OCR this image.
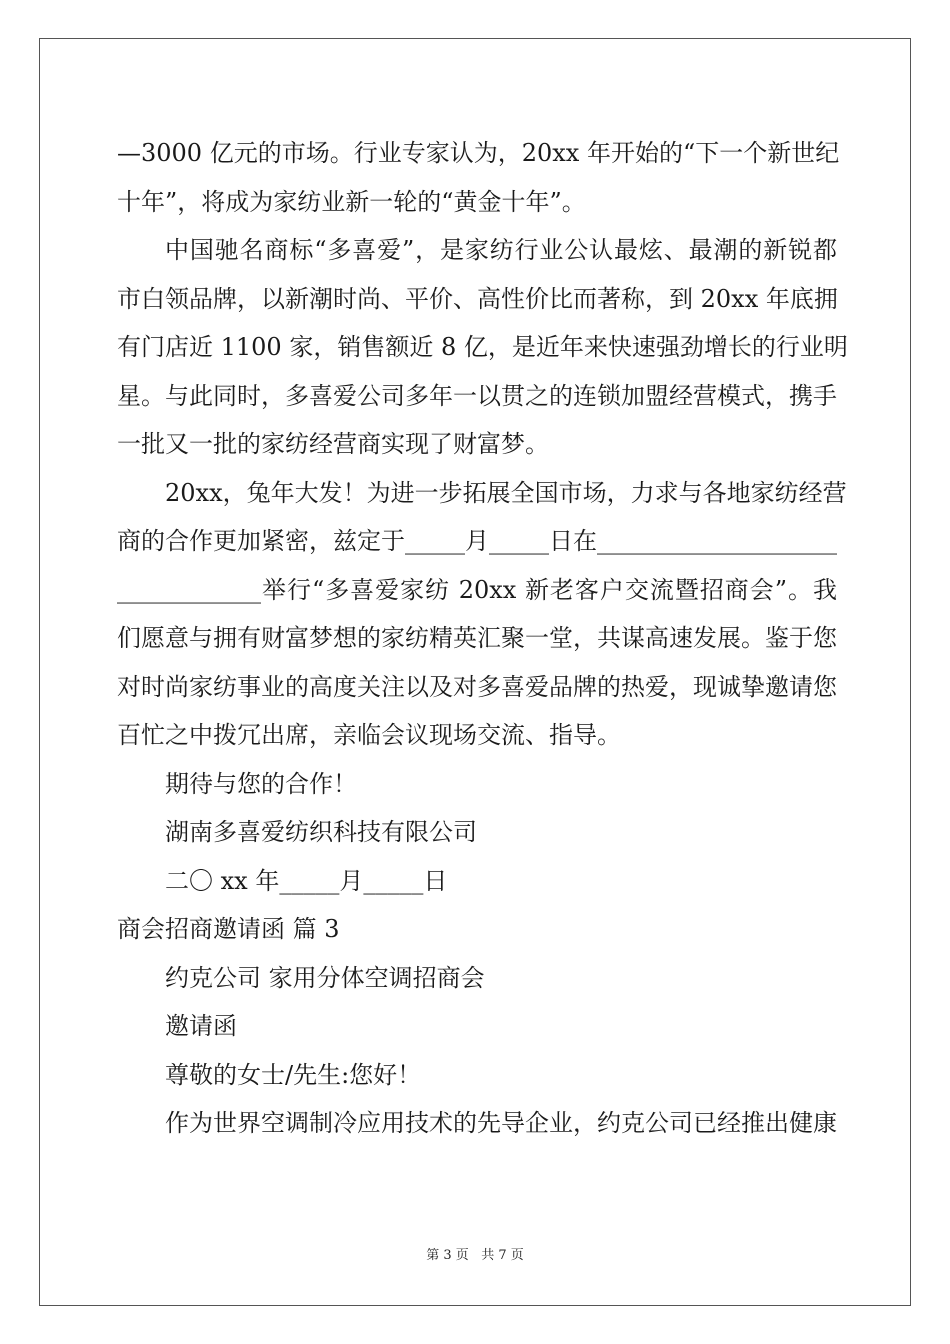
—3000 亿元的市场。行业专家认为，20xx 年开始的“下一个新世纪
十年”，将成为家纺业新一轮的“黄金十年”。
中国驰名商标“多喜爱”，是家纺行业公认最炫、最潮的新锐都
市白领品牌，以新潮时尚、平价、高性价比而著称，到 20xx 年底拥
有门店近 1100 家，销售额近 8 亿，是近年来快速强劲增长的行业明
星。与此同时，多喜爱公司多年一以贯之的连锁加盟经营模式，携手
一批又一批的家纺经营商实现了财富梦。
20xx，兔年大发！为进一步拓展全国市场，力求与各地家纺经营
商的合作更加紧密，兹定于_____月_____日在____________________
____________举行“多喜爱家纺 20xx 新老客户交流暨招商会”。我
们愿意与拥有财富梦想的家纺精英汇聚一堂，共谋高速发展。鉴于您
对时尚家纺事业的高度关注以及对多喜爱品牌的热爱，现诚挚邀请您
百忙之中拨冗出席，亲临会议现场交流、指导。
期待与您的合作！
湖南多喜爱纺织科技有限公司
二〇 xx 年_____月_____日
商会招商邀请函 篇 3
约克公司 家用分体空调招商会
邀请函
尊敬的女士/先生:您好！
作为世界空调制冷应用技术的先导企业，约克公司已经推出健康
第 3 页   共 7 页
